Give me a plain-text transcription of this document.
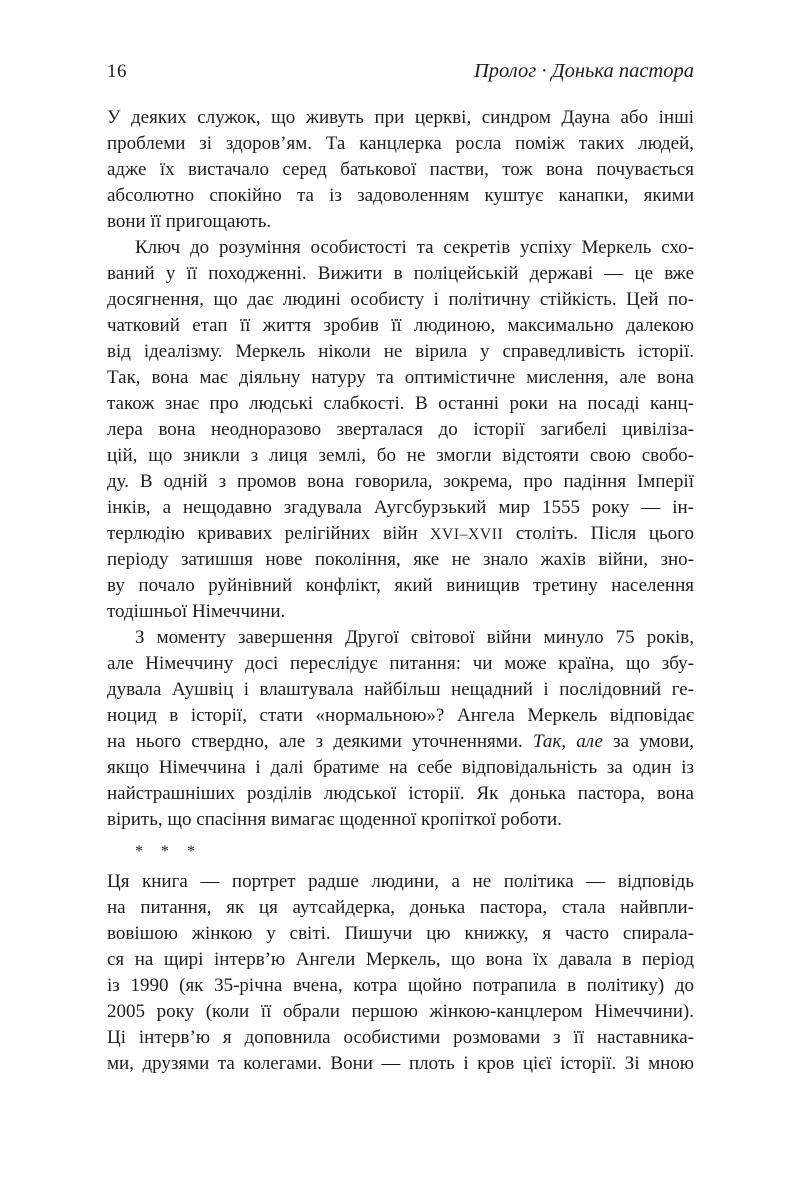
16	Пролог · Донька пастора
У деяких служок, що живуть при церкві, синдром Дауна або інші
проблеми зі здоров’ям. Та канцлерка росла поміж таких людей,
адже їх вистачало серед батькової пастви, тож вона почувається
абсолютно спокійно та із задоволенням куштує канапки, якими
вони її пригощають.
Ключ до розуміння особистості та секретів успіху Меркель схо-
ваний у її походженні. Вижити в поліцейській державі — це вже
досягнення, що дає людині особисту і політичну стійкість. Цей по-
чатковий етап її життя зробив її людиною, максимально далекою
від ідеалізму. Меркель ніколи не вірила у справедливість історії.
Так, вона має діяльну натуру та оптимістичне мислення, але вона
також знає про людські слабкості. В останні роки на посаді канц-
лера вона неодноразово зверталася до історії загибелі цивіліза-
цій, що зникли з лиця землі, бо не змогли відстояти свою свобо-
ду. В одній з промов вона говорила, зокрема, про падіння Імперії
інків, а нещодавно згадувала Аугсбурзький мир 1555 року — ін-
терлюдію кривавих релігійних війн XVI–XVII століть. Після цього
періоду затишшя нове покоління, яке не знало жахів війни, зно-
ву почало руйнівний конфлікт, який винищив третину населення
тодішньої Німеччини.
З моменту завершення Другої світової війни минуло 75 років,
але Німеччину досі переслідує питання: чи може країна, що збу-
дувала Аушвіц і влаштувала найбільш нещадний і послідовний ге-
ноцид в історії, стати «нормальною»? Ангела Меркель відповідає
на нього ствердно, але з деякими уточненнями. Так, але за умови,
якщо Німеччина і далі братиме на себе відповідальність за один із
найстрашніших розділів людської історії. Як донька пастора, вона
вірить, що спасіння вимагає щоденної кропіткої роботи.
* * *
Ця книга — портрет радше людини, а не політика — відповідь
на питання, як ця аутсайдерка, донька пастора, стала найвпли-
вовішою жінкою у світі. Пишучи цю книжку, я часто спирала-
ся на щирі інтерв’ю Ангели Меркель, що вона їх давала в період
із 1990 (як 35-річна вчена, котра щойно потрапила в політику) до
2005 року (коли її обрали першою жінкою-канцлером Німеччини).
Ці інтерв’ю я доповнила особистими розмовами з її наставника-
ми, друзями та колегами. Вони — плоть і кров цієї історії. Зі мною
